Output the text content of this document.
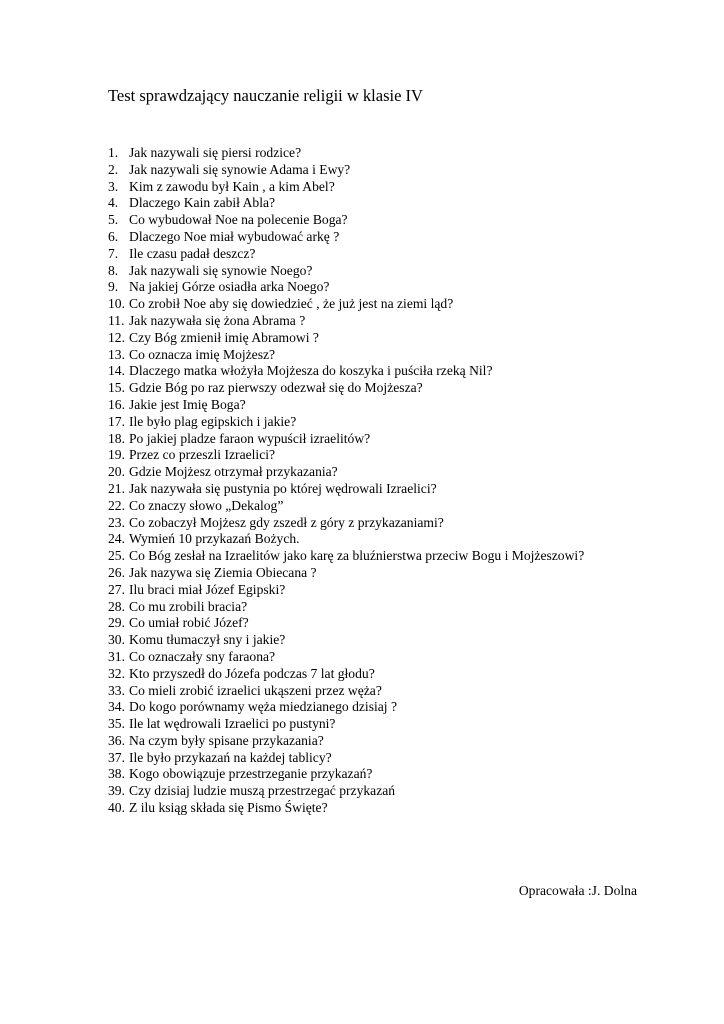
Test sprawdzający nauczanie religii w klasie IV
1. Jak nazywali się piersi rodzice?
2. Jak nazywali się synowie Adama i Ewy?
3. Kim z zawodu był Kain , a kim Abel?
4. Dlaczego Kain zabił Abla?
5. Co wybudował Noe na polecenie Boga?
6. Dlaczego Noe miał wybudować arkę ?
7. Ile czasu padał deszcz?
8. Jak nazywali się synowie Noego?
9. Na jakiej Górze osiadła arka Noego?
10. Co zrobił Noe aby się dowiedzieć , że już jest na ziemi ląd?
11. Jak nazywała się żona Abrama ?
12. Czy Bóg zmienił imię Abramowi ?
13. Co oznacza imię Mojżesz?
14. Dlaczego matka włożyła Mojżesza do koszyka i puściła rzeką Nil?
15. Gdzie Bóg po raz pierwszy odezwał się do Mojżesza?
16. Jakie jest Imię Boga?
17. Ile było plag egipskich i jakie?
18. Po jakiej pladze faraon wypuścił izraelitów?
19. Przez co przeszli Izraelici?
20. Gdzie Mojżesz otrzymał przykazania?
21. Jak nazywała się pustynia po której wędrowali Izraelici?
22. Co znaczy słowo „Dekalog”
23. Co zobaczył Mojżesz gdy zszedł z góry z przykazaniami?
24. Wymień 10 przykazań Bożych.
25. Co Bóg zesłał na Izraelitów jako karę za bluźnierstwa przeciw Bogu i Mojżeszowi?
26. Jak nazywa się Ziemia Obiecana ?
27. Ilu braci miał Józef Egipski?
28. Co mu zrobili bracia?
29. Co umiał robić Józef?
30. Komu tłumaczył sny i jakie?
31. Co oznaczały sny faraona?
32. Kto przyszedł do Józefa podczas 7 lat głodu?
33. Co mieli zrobić izraelici ukąszeni przez węża?
34. Do kogo porównamy węża miedzianego dzisiaj ?
35. Ile lat wędrowali Izraelici po pustyni?
36. Na czym były spisane przykazania?
37. Ile było przykazań na każdej tablicy?
38. Kogo obowiązuje przestrzeganie przykazań?
39. Czy dzisiaj ludzie muszą przestrzegać przykazań
40. Z ilu ksiąg składa się Pismo Święte?
Opracowała :J. Dolna
